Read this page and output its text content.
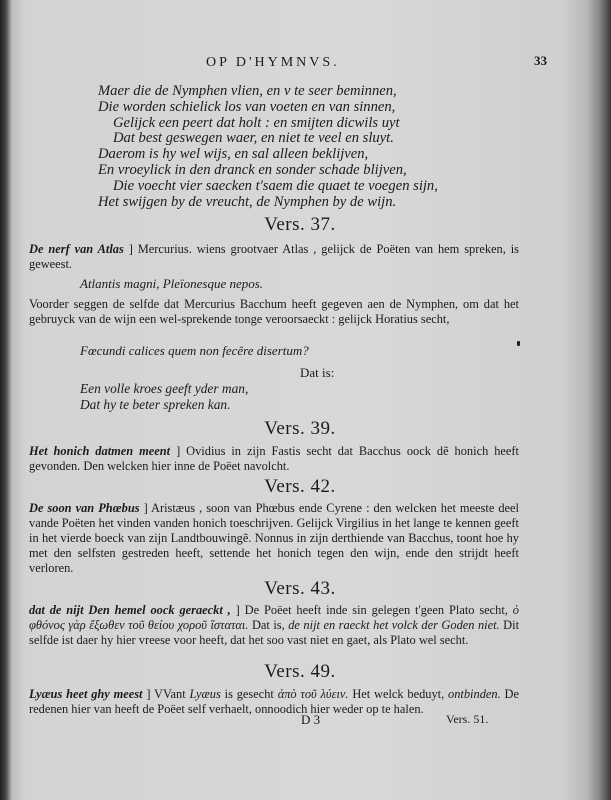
OP D'HYMNVS.	33
Maer die de Nymphen vlien, en v te seer beminnen,
Die worden schielick los van voeten en van sinnen,
Gelijck een peert dat holt : en smijten dicwils uyt
Dat best geswegen waer, en niet te veel en sluyt.
Daerom is hy wel wijs, en sal alleen beklijven,
En vroeylick in den dranck en sonder schade blijven,
Die voecht vier saecken t'saem die quaet te voegen sijn,
Het swijgen by de vreucht, de Nymphen by de wijn.
Vers. 37.
De nerf van Atlas ] Mercurius. wiens grootvaer Atlas , gelijck de Poëten van hem spreken, is geweest.
Atlantis magni, Pleïonesque nepos.
Voorder seggen de selfde dat Mercurius Bacchum heeft gegeven aen de Nymphen, om dat het gebruyck van de wijn een wel-sprekende tonge veroorsaeckt : gelijck Horatius secht,
Fœcundi calices quem non fecêre disertum?
Dat is:
Een volle kroes geeft yder man,
Dat hy te beter spreken kan.
Vers. 39.
Het honich datmen meent ] Ovidius in zijn Fastis secht dat Bacchus oock dẽ honich heeft gevonden. Den welcken hier inne de Poëet navolcht.
Vers. 42.
De soon van Phœbus ] Aristæus , soon van Phœbus ende Cyrene : den welcken het meeste deel vande Poëten het vinden vanden honich toeschrijven. Gelijck Virgilius in het lange te kennen geeft in het vierde boeck van zijn Landtbouwingẽ. Nonnus in zijn derthiende van Bacchus, toont hoe hy met den selfsten gestreden heeft, settende het honich tegen den wijn, ende den strijdt heeft verloren.
Vers. 43.
dat de nijt Den hemel oock geraeckt , ] De Poëet heeft inde sin gelegen t'geen Plato secht, ὁ φθόνος γὰρ ἔξωθεν τοῦ θείου χοροῦ ἵσταται. Dat is, de nijt en raeckt het volck der Goden niet. Dit selfde ist daer hy hier vreese voor heeft, dat het soo vast niet en gaet, als Plato wel secht.
Vers. 49.
Lyæus heet ghy meest ] VVant Lyæus is gesecht ἀπὸ τοῦ λύειν. Het welck beduyt, ontbinden. De redenen hier van heeft de Poëet self verhaelt, onnoodich hier weder op te halen.
D 3	Vers. 51.
